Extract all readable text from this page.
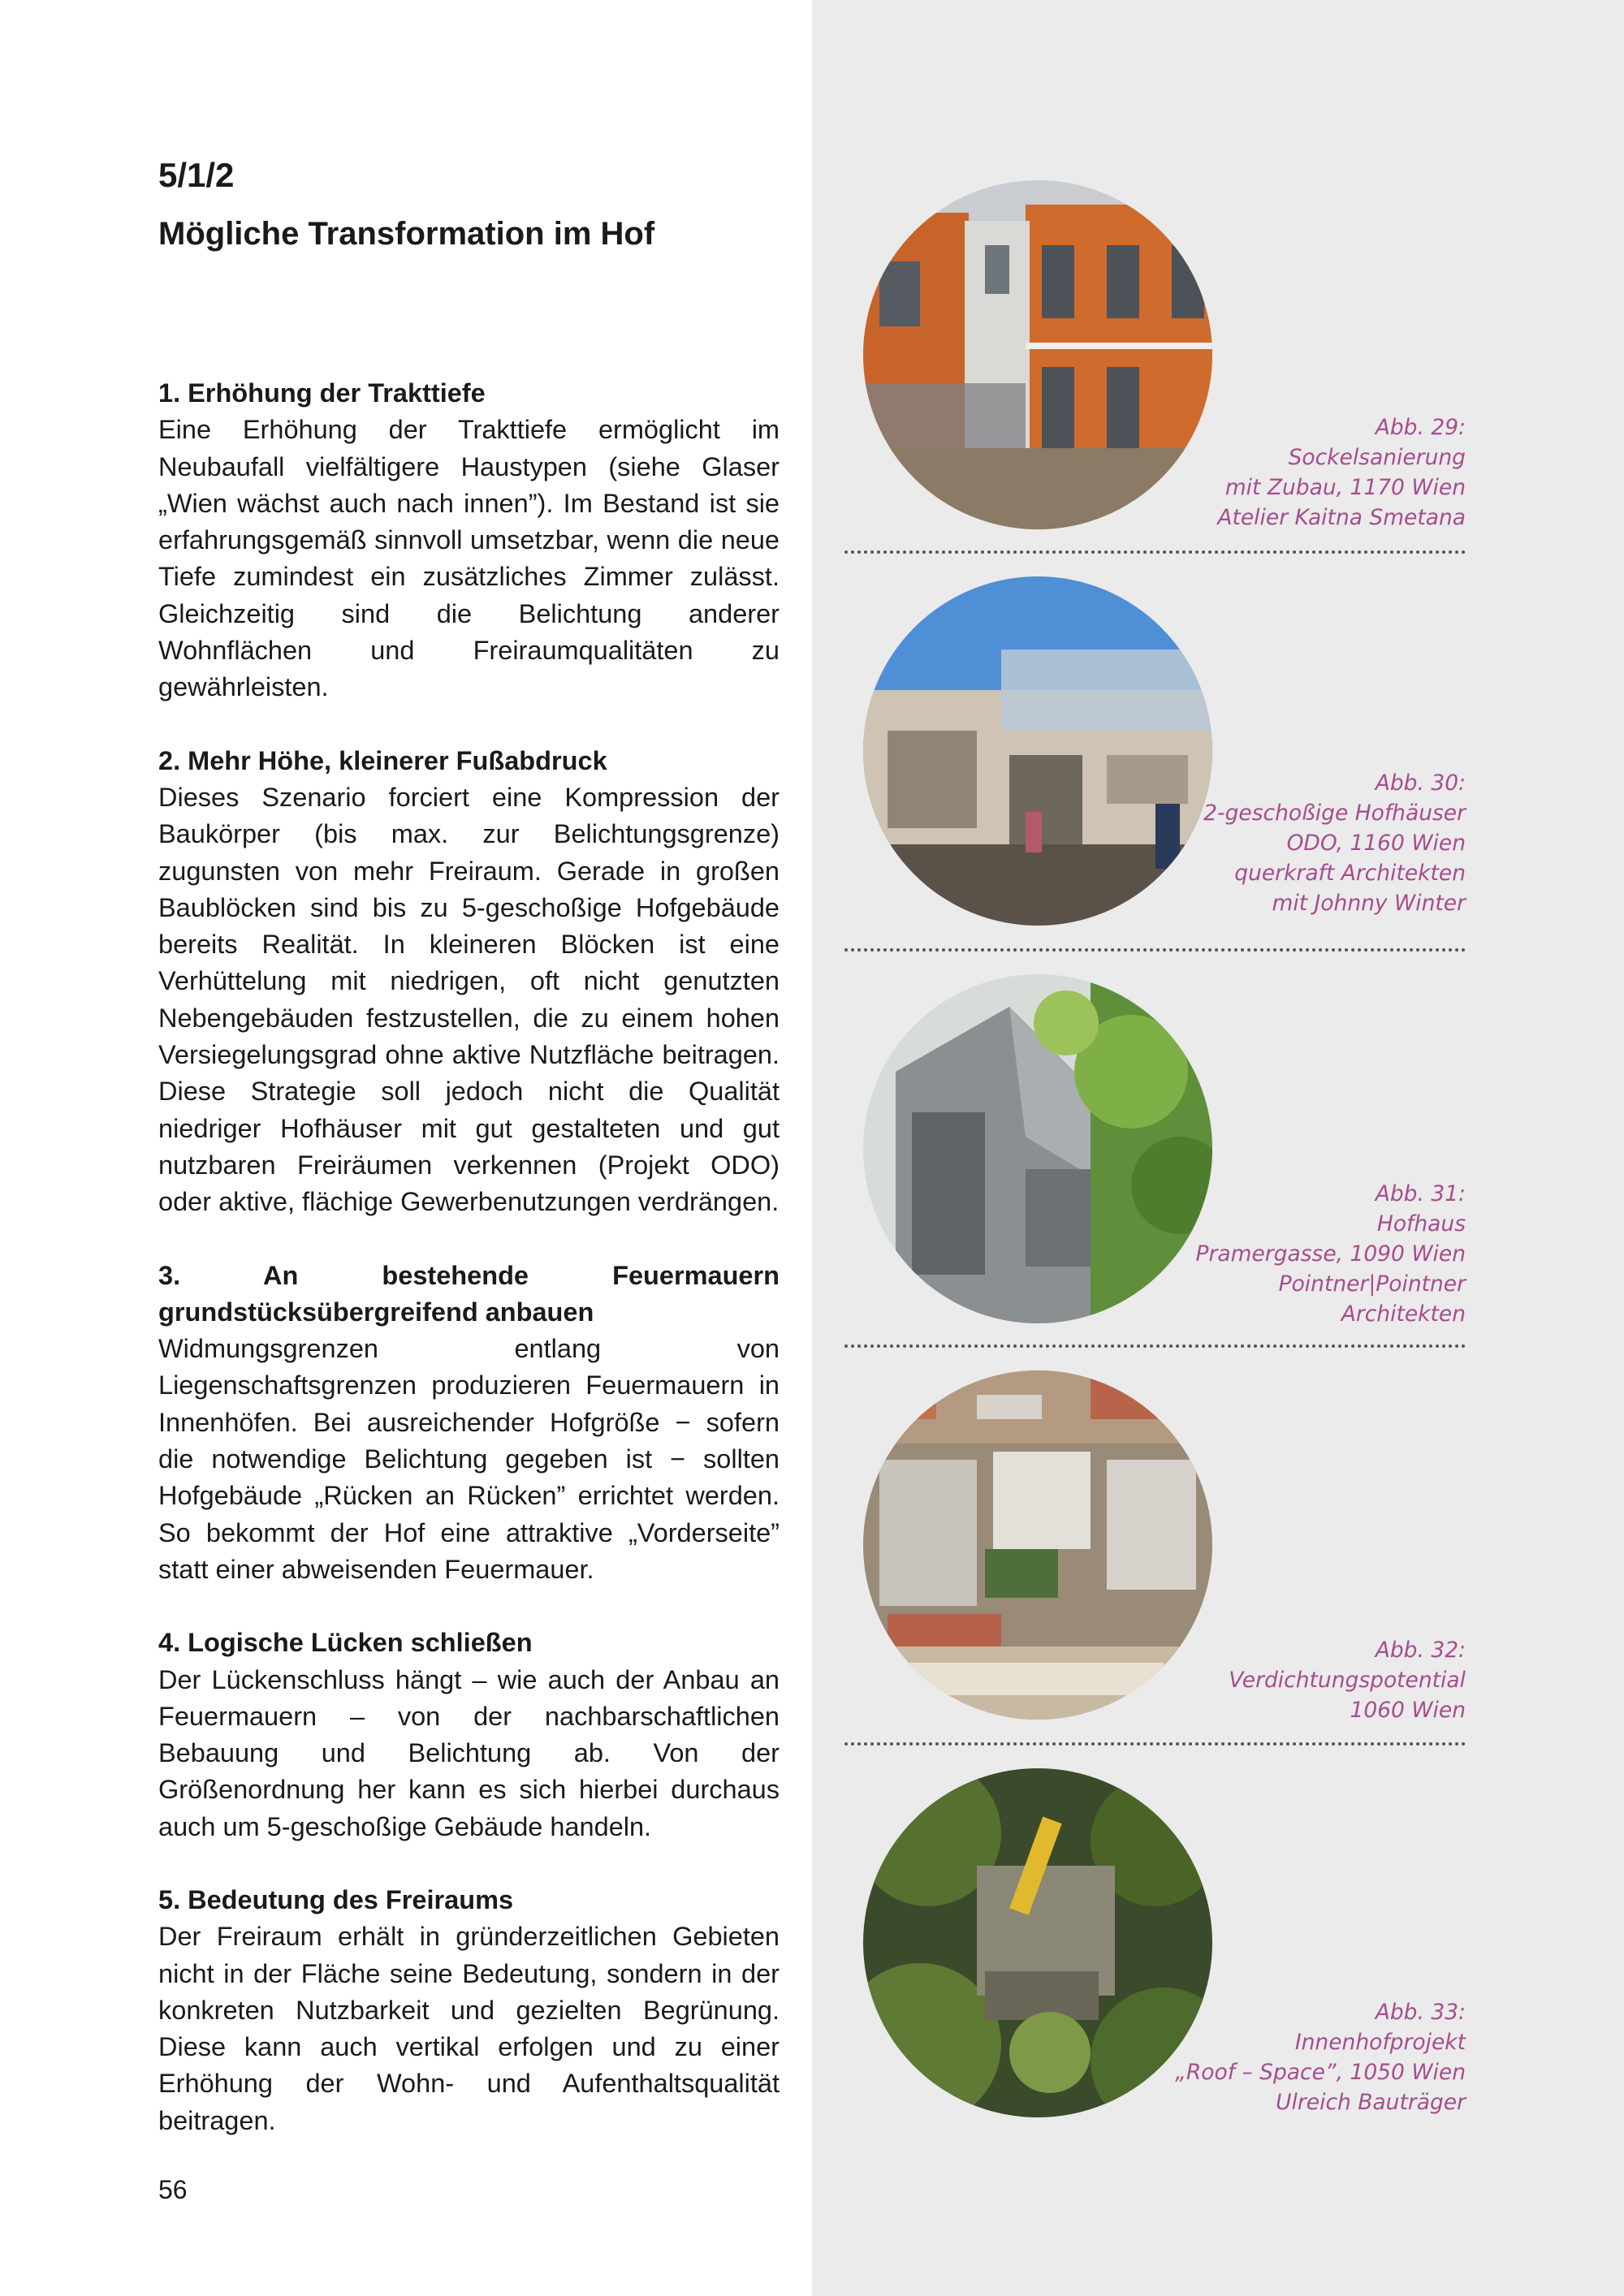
5/1/2
Mögliche Transformation im Hof
1. Erhöhung der Trakttiefe

Eine Erhöhung der Trakttiefe ermöglicht im Neubaufall vielfältigere Haustypen (siehe Glaser „Wien wächst auch nach innen”). Im Bestand ist sie erfahrungsgemäß sinnvoll umsetzbar, wenn die neue Tiefe zumindest ein zusätzliches Zimmer zulässt. Gleichzeitig sind die Belichtung anderer Wohnflächen und Freiraumqualitäten zu gewährleisten.

2. Mehr Höhe, kleinerer Fußabdruck

Dieses Szenario forciert eine Kompression der Baukörper (bis max. zur Belichtungsgrenze) zugunsten von mehr Freiraum. Gerade in großen Baublöcken sind bis zu 5-geschoßige Hofgebäude bereits Realität. In kleineren Blöcken ist eine Verhüttelung mit niedrigen, oft nicht genutzten Nebengebäuden festzustellen, die zu einem hohen Versiegelungsgrad ohne aktive Nutzfläche beitragen. Diese Strategie soll jedoch nicht die Qualität niedriger Hofhäuser mit gut gestalteten und gut nutzbaren Freiräumen verkennen (Projekt ODO) oder aktive, flächige Gewerbenutzungen verdrängen.

3. An bestehende Feuermauern grundstücksübergreifend anbauen

Widmungsgrenzen entlang von Liegenschaftsgrenzen produzieren Feuermauern in Innenhöfen. Bei ausreichender Hofgröße − sofern die notwendige Belichtung gegeben ist − sollten Hofgebäude „Rücken an Rücken” errichtet werden. So bekommt der Hof eine attraktive „Vorderseite” statt einer abweisenden Feuermauer.

4. Logische Lücken schließen

Der Lückenschluss hängt – wie auch der Anbau an Feuermauern – von der nachbarschaftlichen Bebauung und Belichtung ab. Von der Größenordnung her kann es sich hierbei durchaus auch um 5-geschoßige Gebäude handeln.

5. Bedeutung des Freiraums

Der Freiraum erhält in gründerzeitlichen Gebieten nicht in der Fläche seine Bedeutung, sondern in der konkreten Nutzbarkeit und gezielten Begrünung. Diese kann auch vertikal erfolgen und zu einer Erhöhung der Wohn- und Aufenthaltsqualität beitragen.

56
Abb. 29:
Sockelsanierung
mit Zubau, 1170 Wien
Atelier Kaitna Smetana
Abb. 30:
2-geschoßige Hofhäuser
ODO, 1160 Wien
querkraft Architekten
mit Johnny Winter
Abb. 31:
Hofhaus
Pramergasse, 1090 Wien
Pointner|Pointner
Architekten
Abb. 32:
Verdichtungspotential
1060 Wien
Abb. 33:
Innenhofprojekt
„Roof – Space”, 1050 Wien
Ulreich Bauträger
